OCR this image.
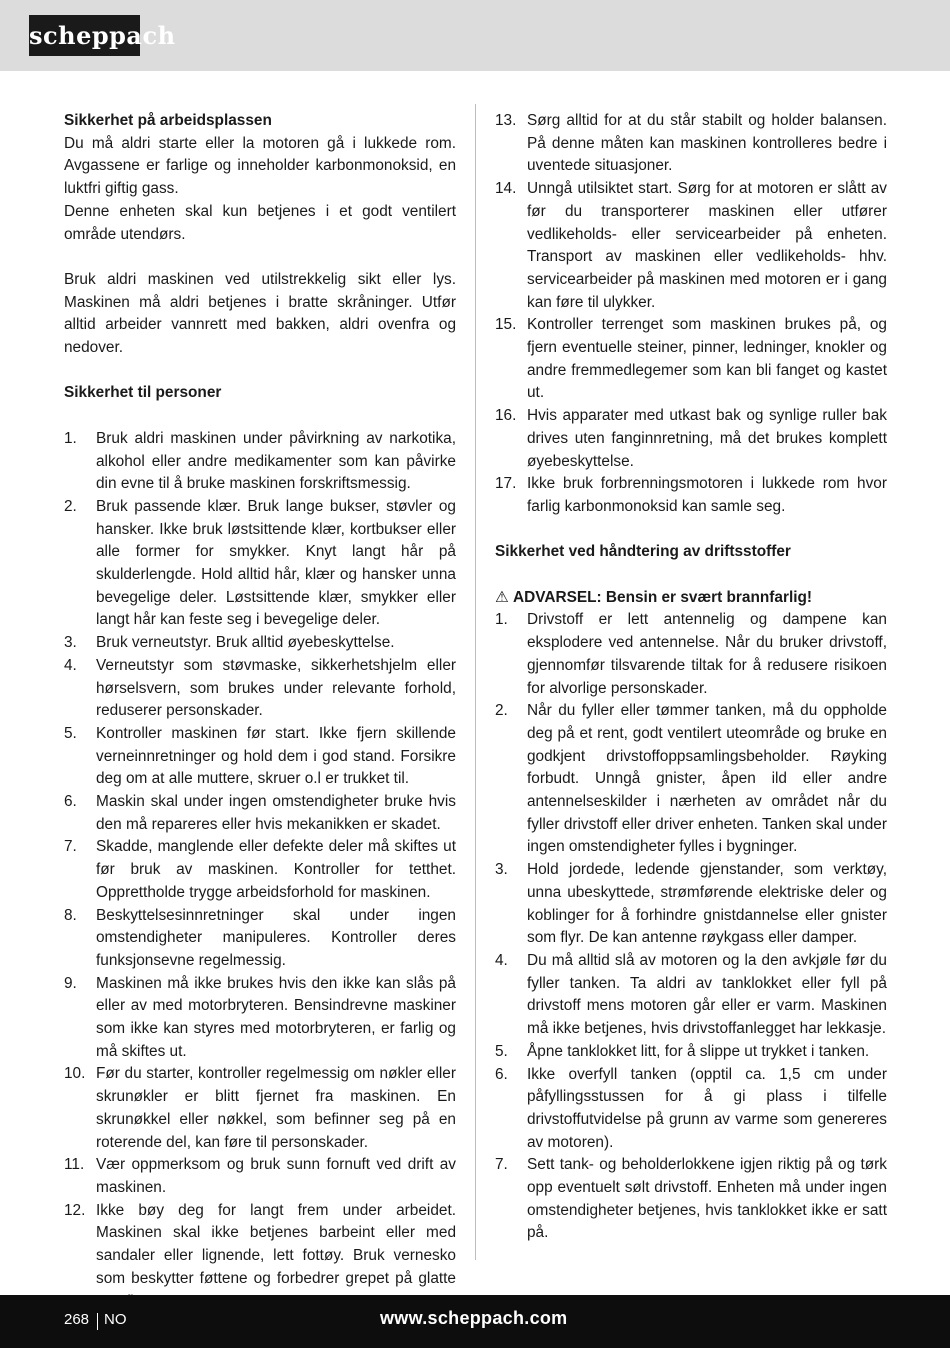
scheppach
Sikkerhet på arbeidsplassen

Du må aldri starte eller la motoren gå i lukkede rom. Avgassene er farlige og inneholder karbonmonoksid, en luktfri giftig gass.

Denne enheten skal kun betjenes i et godt ventilert område utendørs.

Bruk aldri maskinen ved utilstrekkelig sikt eller lys. Maskinen må aldri betjenes i bratte skråninger. Utfør alltid arbeider vannrett med bakken, aldri ovenfra og nedover.

Sikkerhet til personer
1.	Bruk aldri maskinen under påvirkning av narkotika, alkohol eller andre medikamenter som kan påvirke din evne til å bruke maskinen forskriftsmessig.
2.	Bruk passende klær. Bruk lange bukser, støvler og hansker. Ikke bruk løstsittende klær, kortbukser eller alle former for smykker. Knyt langt hår på skulderlengde. Hold alltid hår, klær og hansker unna bevegelige deler. Løstsittende klær, smykker eller langt hår kan feste seg i bevegelige deler.
3.	Bruk verneutstyr. Bruk alltid øyebeskyttelse.
4.	Verneutstyr som støvmaske, sikkerhetshjelm eller hørselsvern, som brukes under relevante forhold, reduserer personskader.
5.	Kontroller maskinen før start. Ikke fjern skillende verneinnretninger og hold dem i god stand. Forsikre deg om at alle muttere, skruer o.l er trukket til.
6.	Maskin skal under ingen omstendigheter bruke hvis den må repareres eller hvis mekanikken er skadet.
7.	Skadde, manglende eller defekte deler må skiftes ut før bruk av maskinen. Kontroller for tetthet. Opprettholde trygge arbeidsforhold for maskinen.
8.	Beskyttelsesinnretninger skal under ingen omstendigheter manipuleres. Kontroller deres funksjonsevne regelmessig.
9.	Maskinen må ikke brukes hvis den ikke kan slås på eller av med motorbryteren. Bensindrevne maskiner som ikke kan styres med motorbryteren, er farlig og må skiftes ut.
10. Før du starter, kontroller regelmessig om nøkler eller skrunøkler er blitt fjernet fra maskinen. En skrunøkkel eller nøkkel, som befinner seg på en roterende del, kan føre til personskader.
11. Vær oppmerksom og bruk sunn fornuft ved drift av maskinen.
12. Ikke bøy deg for langt frem under arbeidet. Maskinen skal ikke betjenes barbeint eller med sandaler eller lignende, lett fottøy. Bruk vernesko som beskytter føttene og forbedrer grepet på glatte
13. Sørg alltid for at du står stabilt og holder balansen. På denne måten kan maskinen kontrolleres bedre i uventede situasjoner.
14. Unngå utilsiktet start. Sørg for at motoren er slått av før du transporterer maskinen eller utfører vedlikeholds- eller servicearbeider på enheten. Transport av maskinen eller vedlikeholds- hhv. servicearbeider på maskinen med motoren er i gang kan føre til ulykker.
15. Kontroller terrenget som maskinen brukes på, og fjern eventuelle steiner, pinner, ledninger, knokler og andre fremmedlegemer som kan bli fanget og kastet ut.
16. Hvis apparater med utkast bak og synlige ruller bak drives uten fanginnretning, må det brukes komplett øyebeskyttelse.
17. Ikke bruk forbrenningsmotoren i lukkede rom hvor farlig karbonmonoksid kan samle seg.
Sikkerhet ved håndtering av driftsstoffer
⚠ ADVARSEL: Bensin er svært brannfarlig!
1.	Drivstoff er lett antennelig og dampene kan eksplodere ved antennelse. Når du bruker drivstoff, gjennomfør tilsvarende tiltak for å redusere risikoen for alvorlige personskader.
2.	Når du fyller eller tømmer tanken, må du oppholde deg på et rent, godt ventilert uteområde og bruke en godkjent drivstoffoppsamlingsbeholder. Røyking forbudt. Unngå gnister, åpen ild eller andre antennelseskilder i nærheten av området når du fyller drivstoff eller driver enheten. Tanken skal under ingen omstendigheter fylles i bygninger.
3.	Hold jordede, ledende gjenstander, som verktøy, unna ubeskyttede, strømførende elektriske deler og koblinger for å forhindre gnistdannelse eller gnister som flyr. De kan antenne røykgass eller damper.
4.	Du må alltid slå av motoren og la den avkjøle før du fyller tanken. Ta aldri av tanklokket eller fyll på drivstoff mens motoren går eller er varm. Maskinen må ikke betjenes, hvis drivstoffanlegget har lekkasje.
5.	Åpne tanklokket litt, for å slippe ut trykket i tanken.
6.	Ikke overfyll tanken (opptil ca. 1,5 cm under påfyllingsstussen for å gi plass i tilfelle drivstoffutvidelse på grunn av varme som genereres av motoren).
7.	Sett tank- og beholderlokkene igjen riktig på og tørk opp eventuelt sølt drivstoff. Enheten må under ingen omstendigheter betjenes, hvis tanklokket ikke er satt på.
268 NO	www.scheppach.com
